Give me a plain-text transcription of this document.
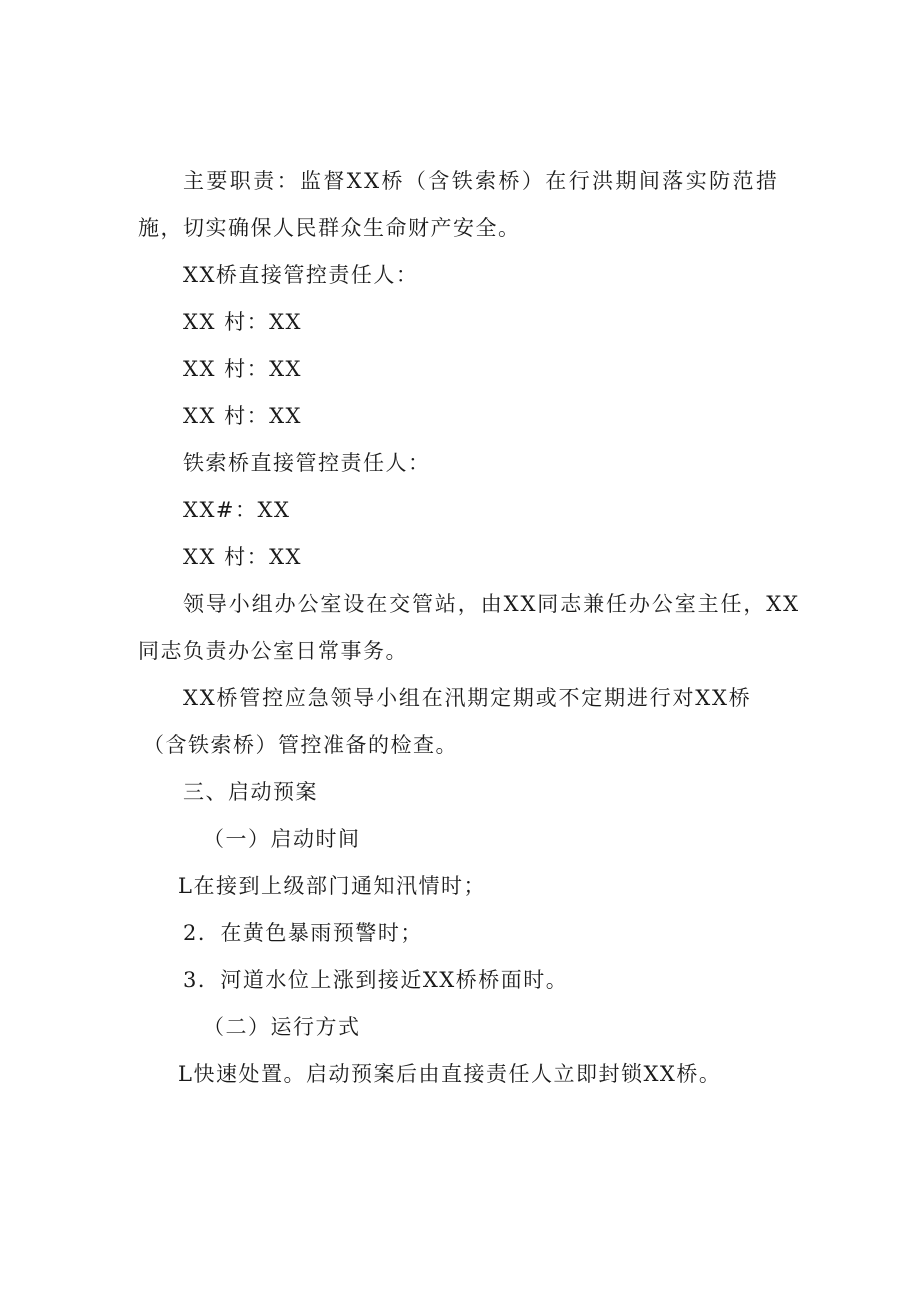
主要职责：监督XX桥（含铁索桥）在行洪期间落实防范措
施，切实确保人民群众生命财产安全。
XX桥直接管控责任人：
XX 村：XX
XX 村：XX
XX 村：XX
铁索桥直接管控责任人：
XX#：XX
XX 村：XX
领导小组办公室设在交管站，由XX同志兼任办公室主任，XX
同志负责办公室日常事务。
XX桥管控应急领导小组在汛期定期或不定期进行对XX桥
（含铁索桥）管控准备的检查。
三、启动预案
（一）启动时间
L在接到上级部门通知汛情时；
2．在黄色暴雨预警时；
3．河道水位上涨到接近XX桥桥面时。
（二）运行方式
L快速处置。启动预案后由直接责任人立即封锁XX桥。
